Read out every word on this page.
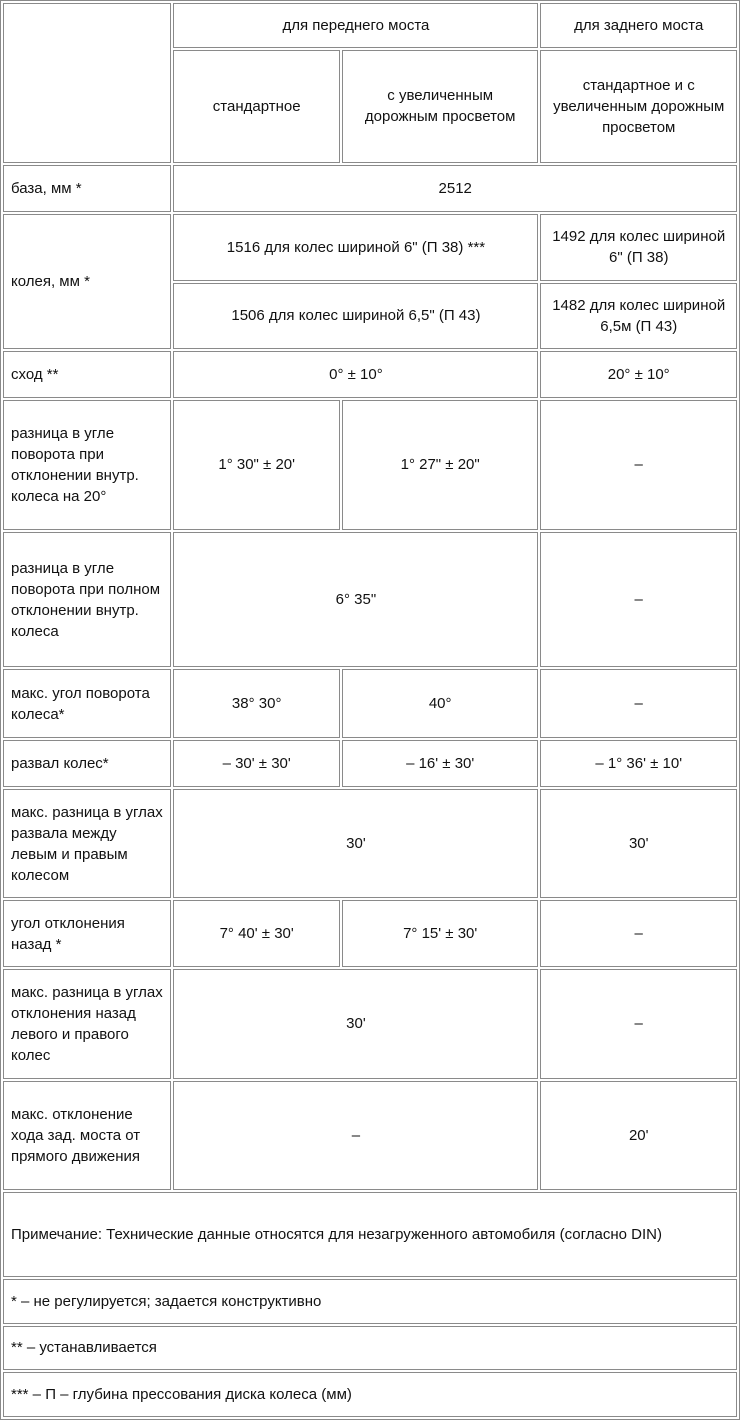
	для переднего моста		для заднего моста
	стандартное	с увеличенным дорожным просветом	стандартное и с увеличенным дорожным просветом
база, мм *	2512		
колея, мм *	1516 для колес шириной 6" (П 38) ***		1492 для колес шириной 6" (П 38)
	1506 для колес шириной 6,5" (П 43)		1482 для колес шириной 6,5м (П 43)
сход **	0° ± 10°		20° ± 10°
разница в угле поворота при отклонении внутр. колеса на 20°	1° 30" ± 20'	1° 27" ± 20"	–
разница в угле поворота при полном отклонении внутр. колеса	6° 35"		–
макс. угол поворота колеса*	38° 30°	40°	–
развал колес*	– 30' ± 30'	– 16' ± 30'	– 1° 36' ± 10'
макс. разница в углах развала между левым и правым колесом	30'		30'
угол отклонения назад *	7° 40' ± 30'	7° 15' ± 30'	–
макс. разница в углах отклонения назад левого и правого колес	30'		–
макс. отклонение хода зад. моста от прямого движения	–		20'
Примечание: Технические данные относятся для незагруженного автомобиля (согласно DIN)			
* – не регулируется; задается конструктивно			
** – устанавливается			
*** – П – глубина прессования диска колеса (мм)			
